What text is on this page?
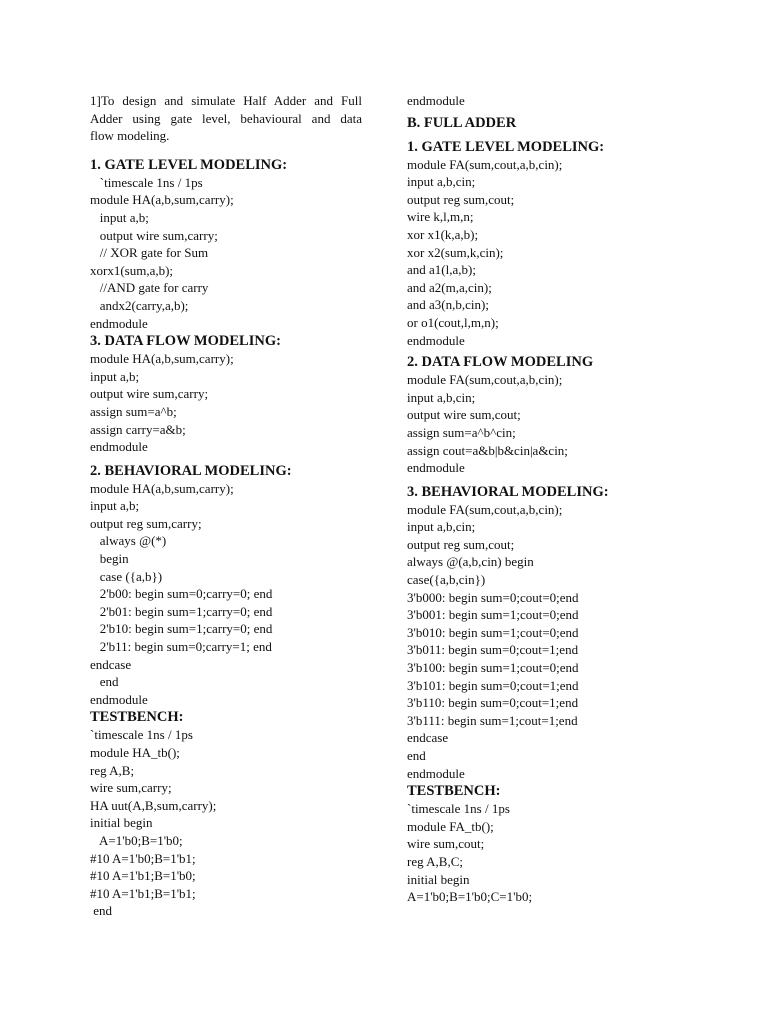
1]To design and simulate Half Adder and Full
Adder using gate level, behavioural and data
flow modeling.
1. GATE LEVEL MODELING:
`timescale 1ns / 1ps
module HA(a,b,sum,carry);
input a,b;
output wire sum,carry;
// XOR gate for Sum
xorx1(sum,a,b);
//AND gate for carry
andx2(carry,a,b);
endmodule
3. DATA FLOW MODELING:
module HA(a,b,sum,carry);
input a,b;
output wire sum,carry;
assign sum=a^b;
assign carry=a&b;
endmodule
2. BEHAVIORAL MODELING:
module HA(a,b,sum,carry);
input a,b;
output reg sum,carry;
always @(*)
begin
case ({a,b})
2'b00: begin sum=0;carry=0; end
2'b01: begin sum=1;carry=0; end
2'b10: begin sum=1;carry=0; end
2'b11: begin sum=0;carry=1; end
endcase
end
endmodule
TESTBENCH:
`timescale 1ns / 1ps
module HA_tb();
reg A,B;
wire sum,carry;
HA uut(A,B,sum,carry);
initial begin
A=1'b0;B=1'b0;
#10 A=1'b0;B=1'b1;
#10 A=1'b1;B=1'b0;
#10 A=1'b1;B=1'b1;
end
endmodule
B. FULL ADDER
1. GATE LEVEL MODELING:
module FA(sum,cout,a,b,cin);
input a,b,cin;
output reg sum,cout;
wire k,l,m,n;
xor x1(k,a,b);
xor x2(sum,k,cin);
and a1(l,a,b);
and a2(m,a,cin);
and a3(n,b,cin);
or o1(cout,l,m,n);
endmodule
2. DATA FLOW MODELING
module FA(sum,cout,a,b,cin);
input a,b,cin;
output wire sum,cout;
assign sum=a^b^cin;
assign cout=a&b|b&cin|a&cin;
endmodule
3. BEHAVIORAL MODELING:
module FA(sum,cout,a,b,cin);
input a,b,cin;
output reg sum,cout;
always @(a,b,cin) begin
case({a,b,cin})
3'b000: begin sum=0;cout=0;end
3'b001: begin sum=1;cout=0;end
3'b010: begin sum=1;cout=0;end
3'b011: begin sum=0;cout=1;end
3'b100: begin sum=1;cout=0;end
3'b101: begin sum=0;cout=1;end
3'b110: begin sum=0;cout=1;end
3'b111: begin sum=1;cout=1;end
endcase
end
endmodule
TESTBENCH:
`timescale 1ns / 1ps
module FA_tb();
wire sum,cout;
reg A,B,C;
initial begin
A=1'b0;B=1'b0;C=1'b0;
